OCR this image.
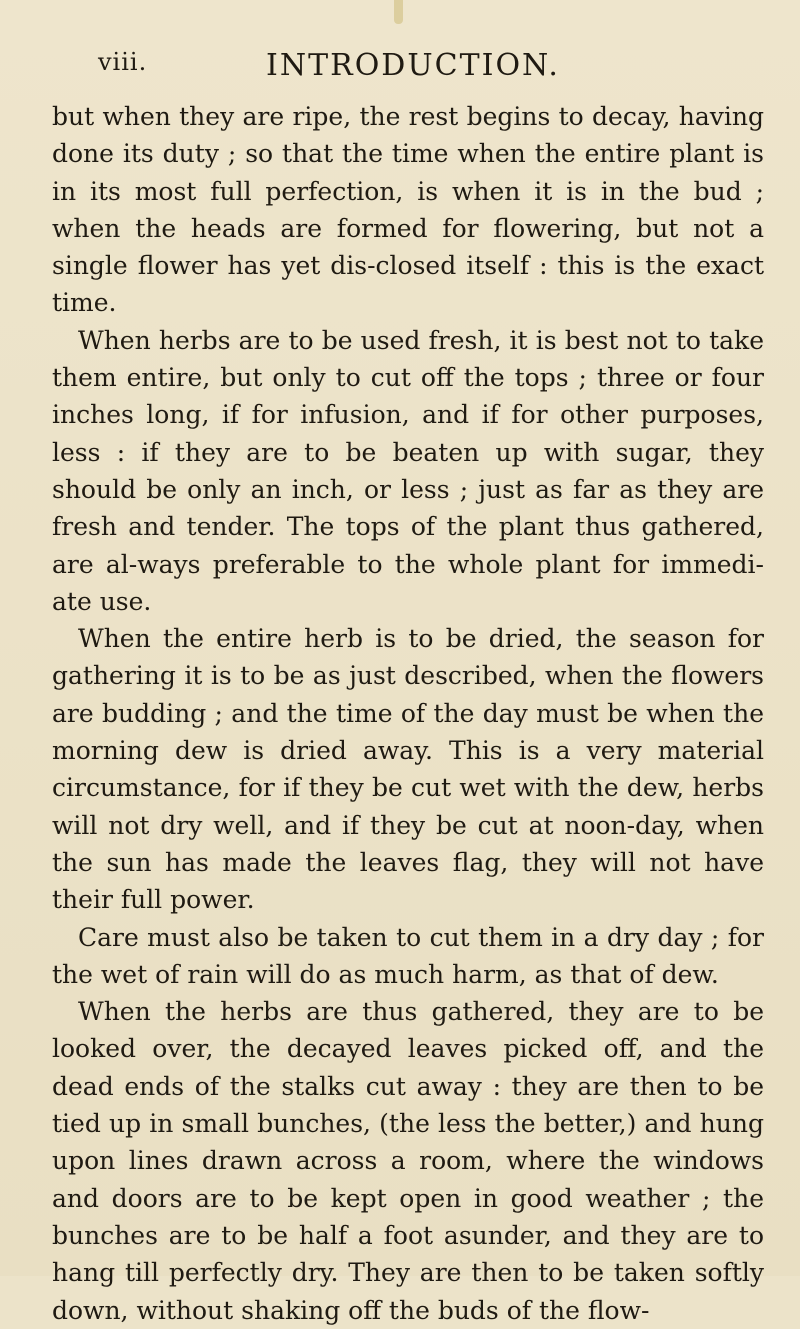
viii.	INTRODUCTION.

but when they are ripe, the rest begins to decay, having done its duty ; so that the time when the entire plant is in its most full perfection, is when it is in the bud ; when the heads are formed for flowering, but not a single flower has yet dis-closed itself : this is the exact time.

When herbs are to be used fresh, it is best not to take them entire, but only to cut off the tops ; three or four inches long, if for infusion, and if for other purposes, less : if they are to be beaten up with sugar, they should be only an inch, or less ; just as far as they are fresh and tender. The tops of the plant thus gathered, are al-ways preferable to the whole plant for immedi-ate use.

When the entire herb is to be dried, the season for gathering it is to be as just described, when the flowers are budding ; and the time of the day must be when the morning dew is dried away. This is a very material circumstance, for if they be cut wet with the dew, herbs will not dry well, and if they be cut at noon-day, when the sun has made the leaves flag, they will not have their full power.

Care must also be taken to cut them in a dry day ; for the wet of rain will do as much harm, as that of dew.

When the herbs are thus gathered, they are to be looked over, the decayed leaves picked off, and the dead ends of the stalks cut away : they are then to be tied up in small bunches, (the less the better,) and hung upon lines drawn across a room, where the windows and doors are to be kept open in good weather ; the bunches are to be half a foot asunder, and they are to hang till perfectly dry. They are then to be taken softly down, without shaking off the buds of the flow-
